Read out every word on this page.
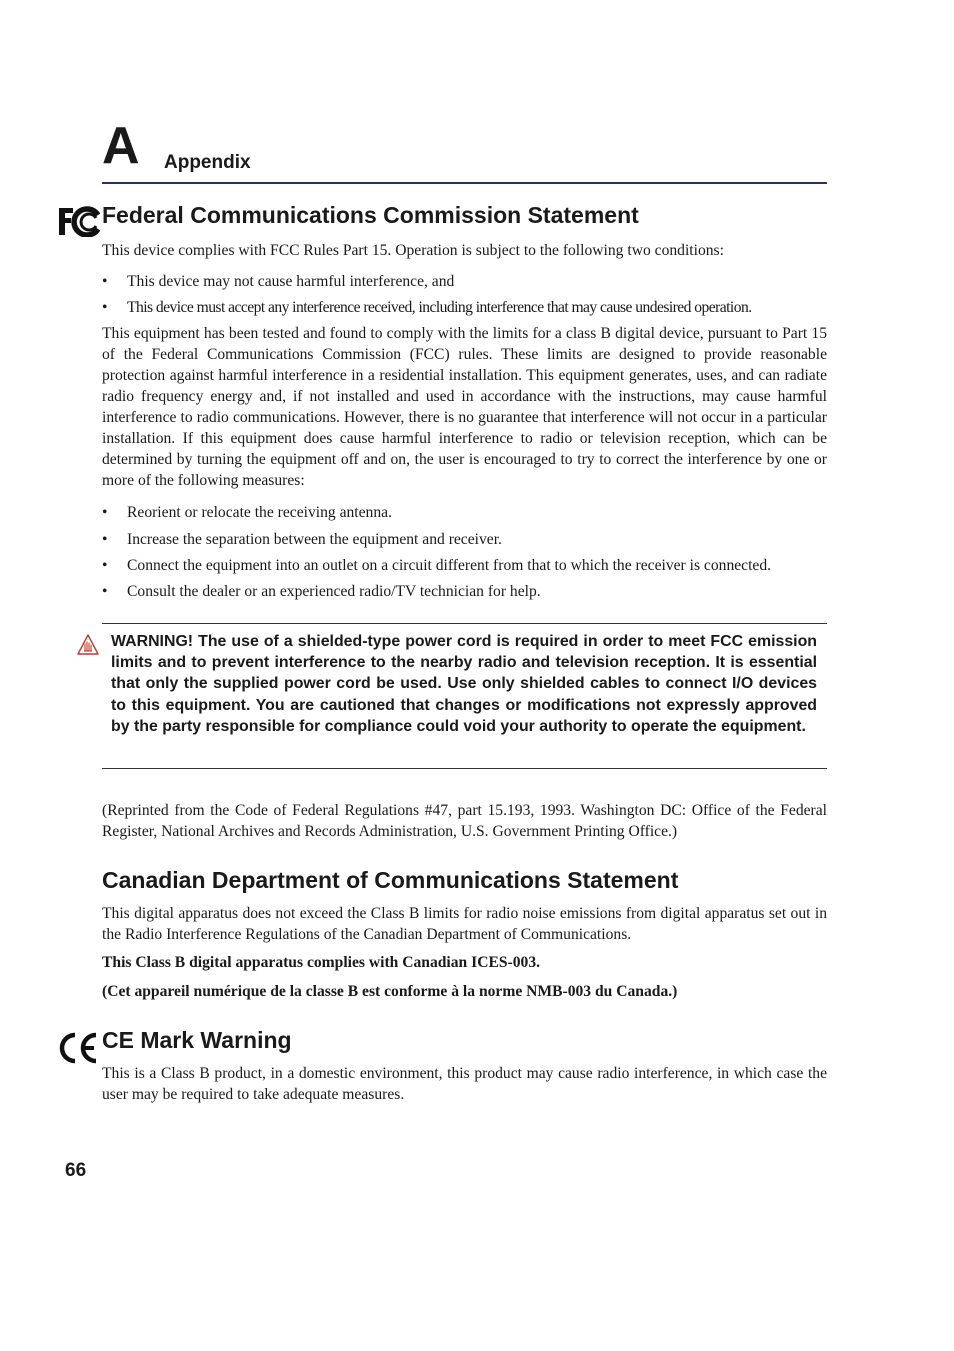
A Appendix
Federal Communications Commission Statement

This device complies with FCC Rules Part 15. Operation is subject to the following two conditions:

• This device may not cause harmful interference, and
• This device must accept any interference received, including interference that may cause undesired operation.

This equipment has been tested and found to comply with the limits for a class B digital device, pursuant to Part 15 of the Federal Communications Commission (FCC) rules. These limits are designed to provide reasonable protection against harmful interference in a residential installation. This equipment generates, uses, and can radiate radio frequency energy and, if not installed and used in accordance with the instructions, may cause harmful interference to radio communications. However, there is no guarantee that interference will not occur in a particular installation. If this equipment does cause harmful interference to radio or television reception, which can be determined by turning the equipment off and on, the user is encouraged to try to correct the interference by one or more of the following measures:

• Reorient or relocate the receiving antenna.
• Increase the separation between the equipment and receiver.
• Connect the equipment into an outlet on a circuit different from that to which the receiver is connected.
• Consult the dealer or an experienced radio/TV technician for help.

WARNING! The use of a shielded-type power cord is required in order to meet FCC emission limits and to prevent interference to the nearby radio and television reception. It is essential that only the supplied power cord be used. Use only shielded cables to connect I/O devices to this equipment. You are cautioned that changes or modifications not expressly approved by the party responsible for compliance could void your authority to operate the equipment.

(Reprinted from the Code of Federal Regulations #47, part 15.193, 1993. Washington DC: Office of the Federal Register, National Archives and Records Administration, U.S. Government Printing Office.)

Canadian Department of Communications Statement

This digital apparatus does not exceed the Class B limits for radio noise emissions from digital apparatus set out in the Radio Interference Regulations of the Canadian Department of Communications.

This Class B digital apparatus complies with Canadian ICES-003.

(Cet appareil numérique de la classe B est conforme à la norme NMB-003 du Canada.)

CE Mark Warning

This is a Class B product, in a domestic environment, this product may cause radio interference, in which case the user may be required to take adequate measures.

66
